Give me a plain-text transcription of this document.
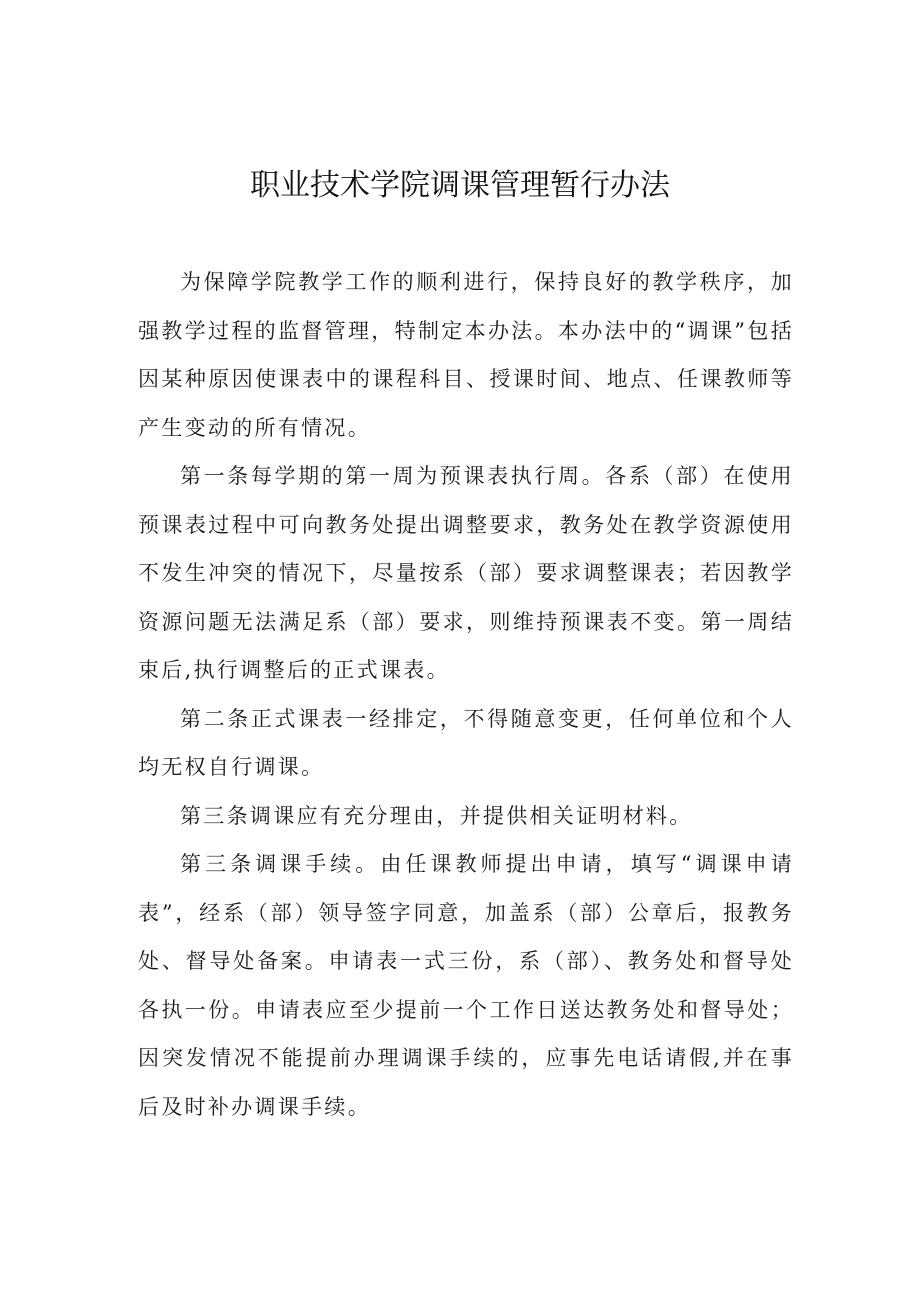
职业技术学院调课管理暂行办法

为保障学院教学工作的顺利进行，保持良好的教学秩序，加强教学过程的监督管理，特制定本办法。本办法中的“调课”包括因某种原因使课表中的课程科目、授课时间、地点、任课教师等产生变动的所有情况。

第一条每学期的第一周为预课表执行周。各系（部）在使用预课表过程中可向教务处提出调整要求，教务处在教学资源使用不发生冲突的情况下，尽量按系（部）要求调整课表；若因教学资源问题无法满足系（部）要求，则维持预课表不变。第一周结束后,执行调整后的正式课表。

第二条正式课表一经排定，不得随意变更，任何单位和个人均无权自行调课。

第三条调课应有充分理由，并提供相关证明材料。

第三条调课手续。由任课教师提出申请，填写“调课申请表”，经系（部）领导签字同意，加盖系（部）公章后，报教务处、督导处备案。申请表一式三份，系（部）、教务处和督导处各执一份。申请表应至少提前一个工作日送达教务处和督导处；因突发情况不能提前办理调课手续的，应事先电话请假,并在事后及时补办调课手续。
